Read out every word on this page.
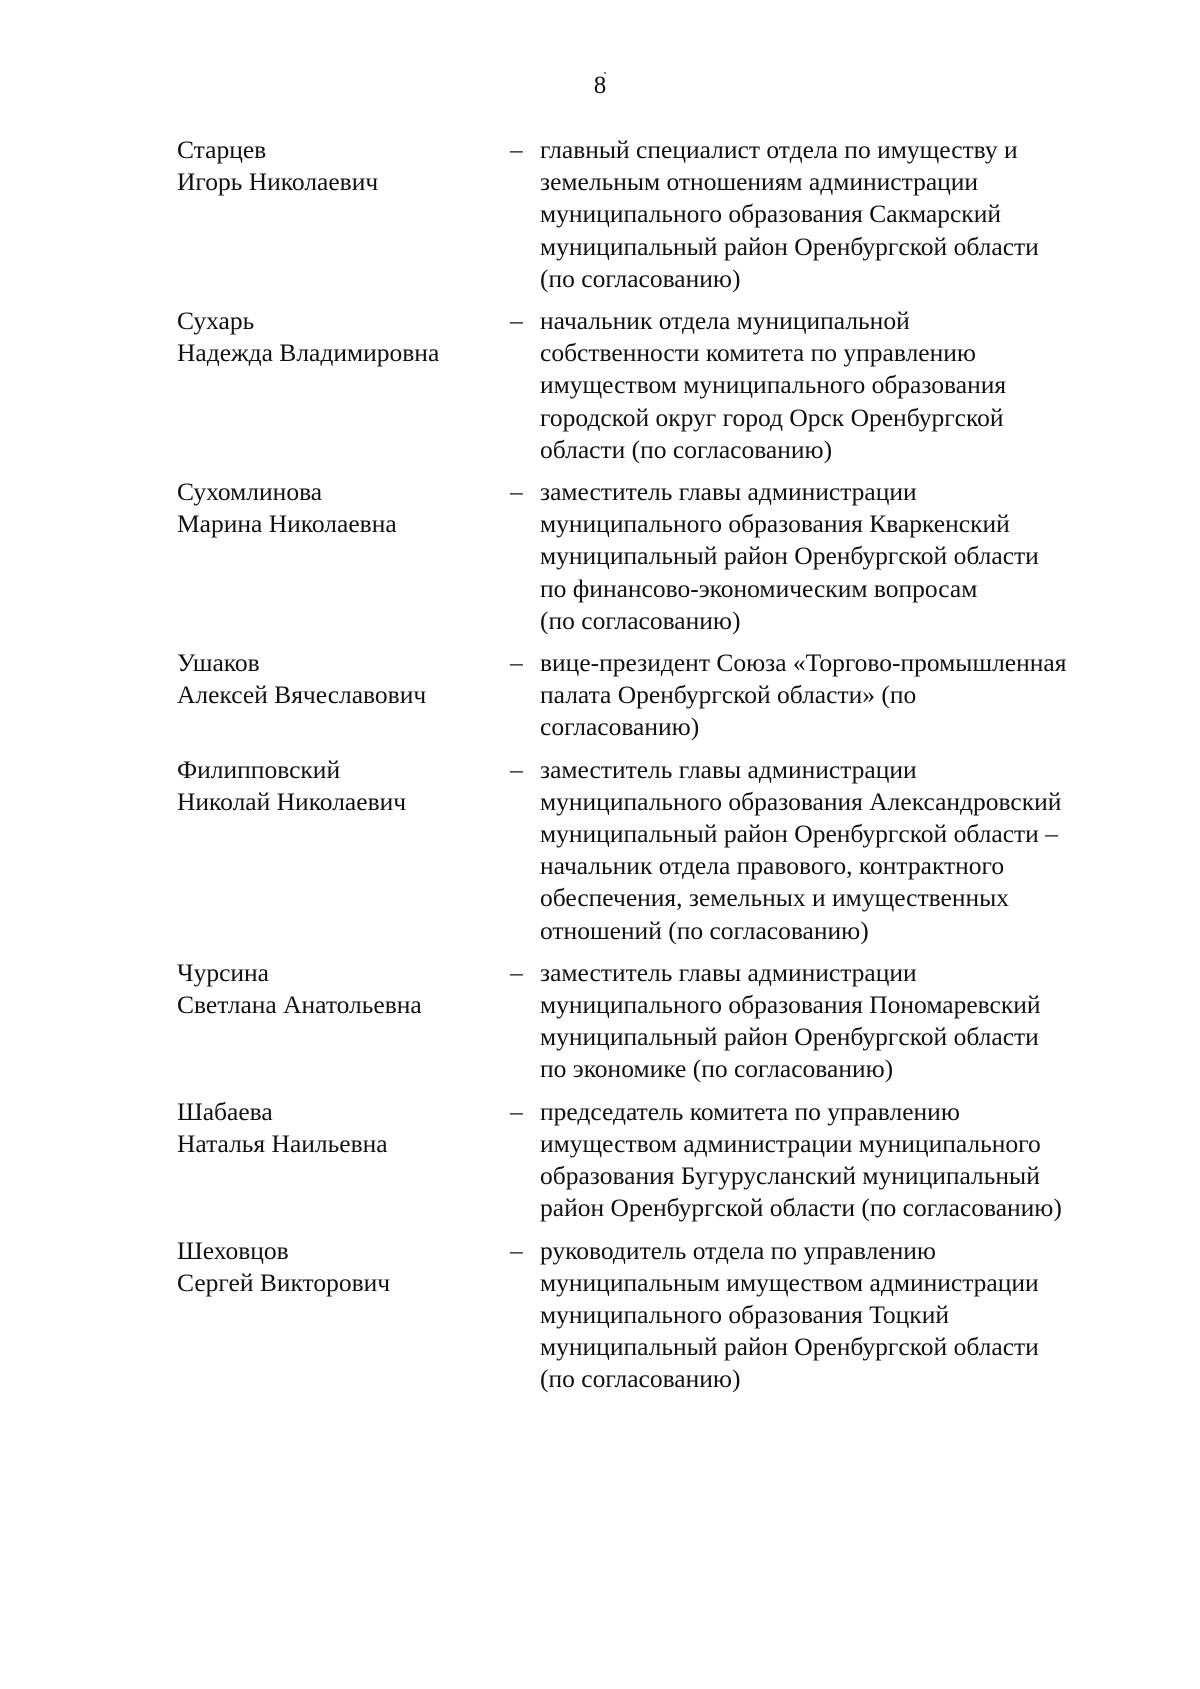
8
Старцев
Игорь Николаевич
– главный специалист отдела по имуществу и
земельным отношениям администрации
муниципального образования Сакмарский
муниципальный район Оренбургской области
(по согласованию)
Сухарь
Надежда Владимировна
– начальник отдела муниципальной
собственности комитета по управлению
имуществом муниципального образования
городской округ город Орск Оренбургской
области (по согласованию)
Сухомлинова
Марина Николаевна
– заместитель главы администрации
муниципального образования Кваркенский
муниципальный район Оренбургской области
по финансово-экономическим вопросам
(по согласованию)
Ушаков
Алексей Вячеславович
– вице-президент Союза «Торгово-промышленная
палата Оренбургской области» (по
согласованию)
Филипповский
Николай Николаевич
– заместитель главы администрации
муниципального образования Александровский
муниципальный район Оренбургской области –
начальник отдела правового, контрактного
обеспечения, земельных и имущественных
отношений (по согласованию)
Чурсина
Светлана Анатольевна
– заместитель главы администрации
муниципального образования Пономаревский
муниципальный район Оренбургской области
по экономике (по согласованию)
Шабаева
Наталья Наильевна
– председатель комитета по управлению
имуществом администрации муниципального
образования Бугурусланский муниципальный
район Оренбургской области (по согласованию)
Шеховцов
Сергей Викторович
– руководитель отдела по управлению
муниципальным имуществом администрации
муниципального образования Тоцкий
муниципальный район Оренбургской области
(по согласованию)
